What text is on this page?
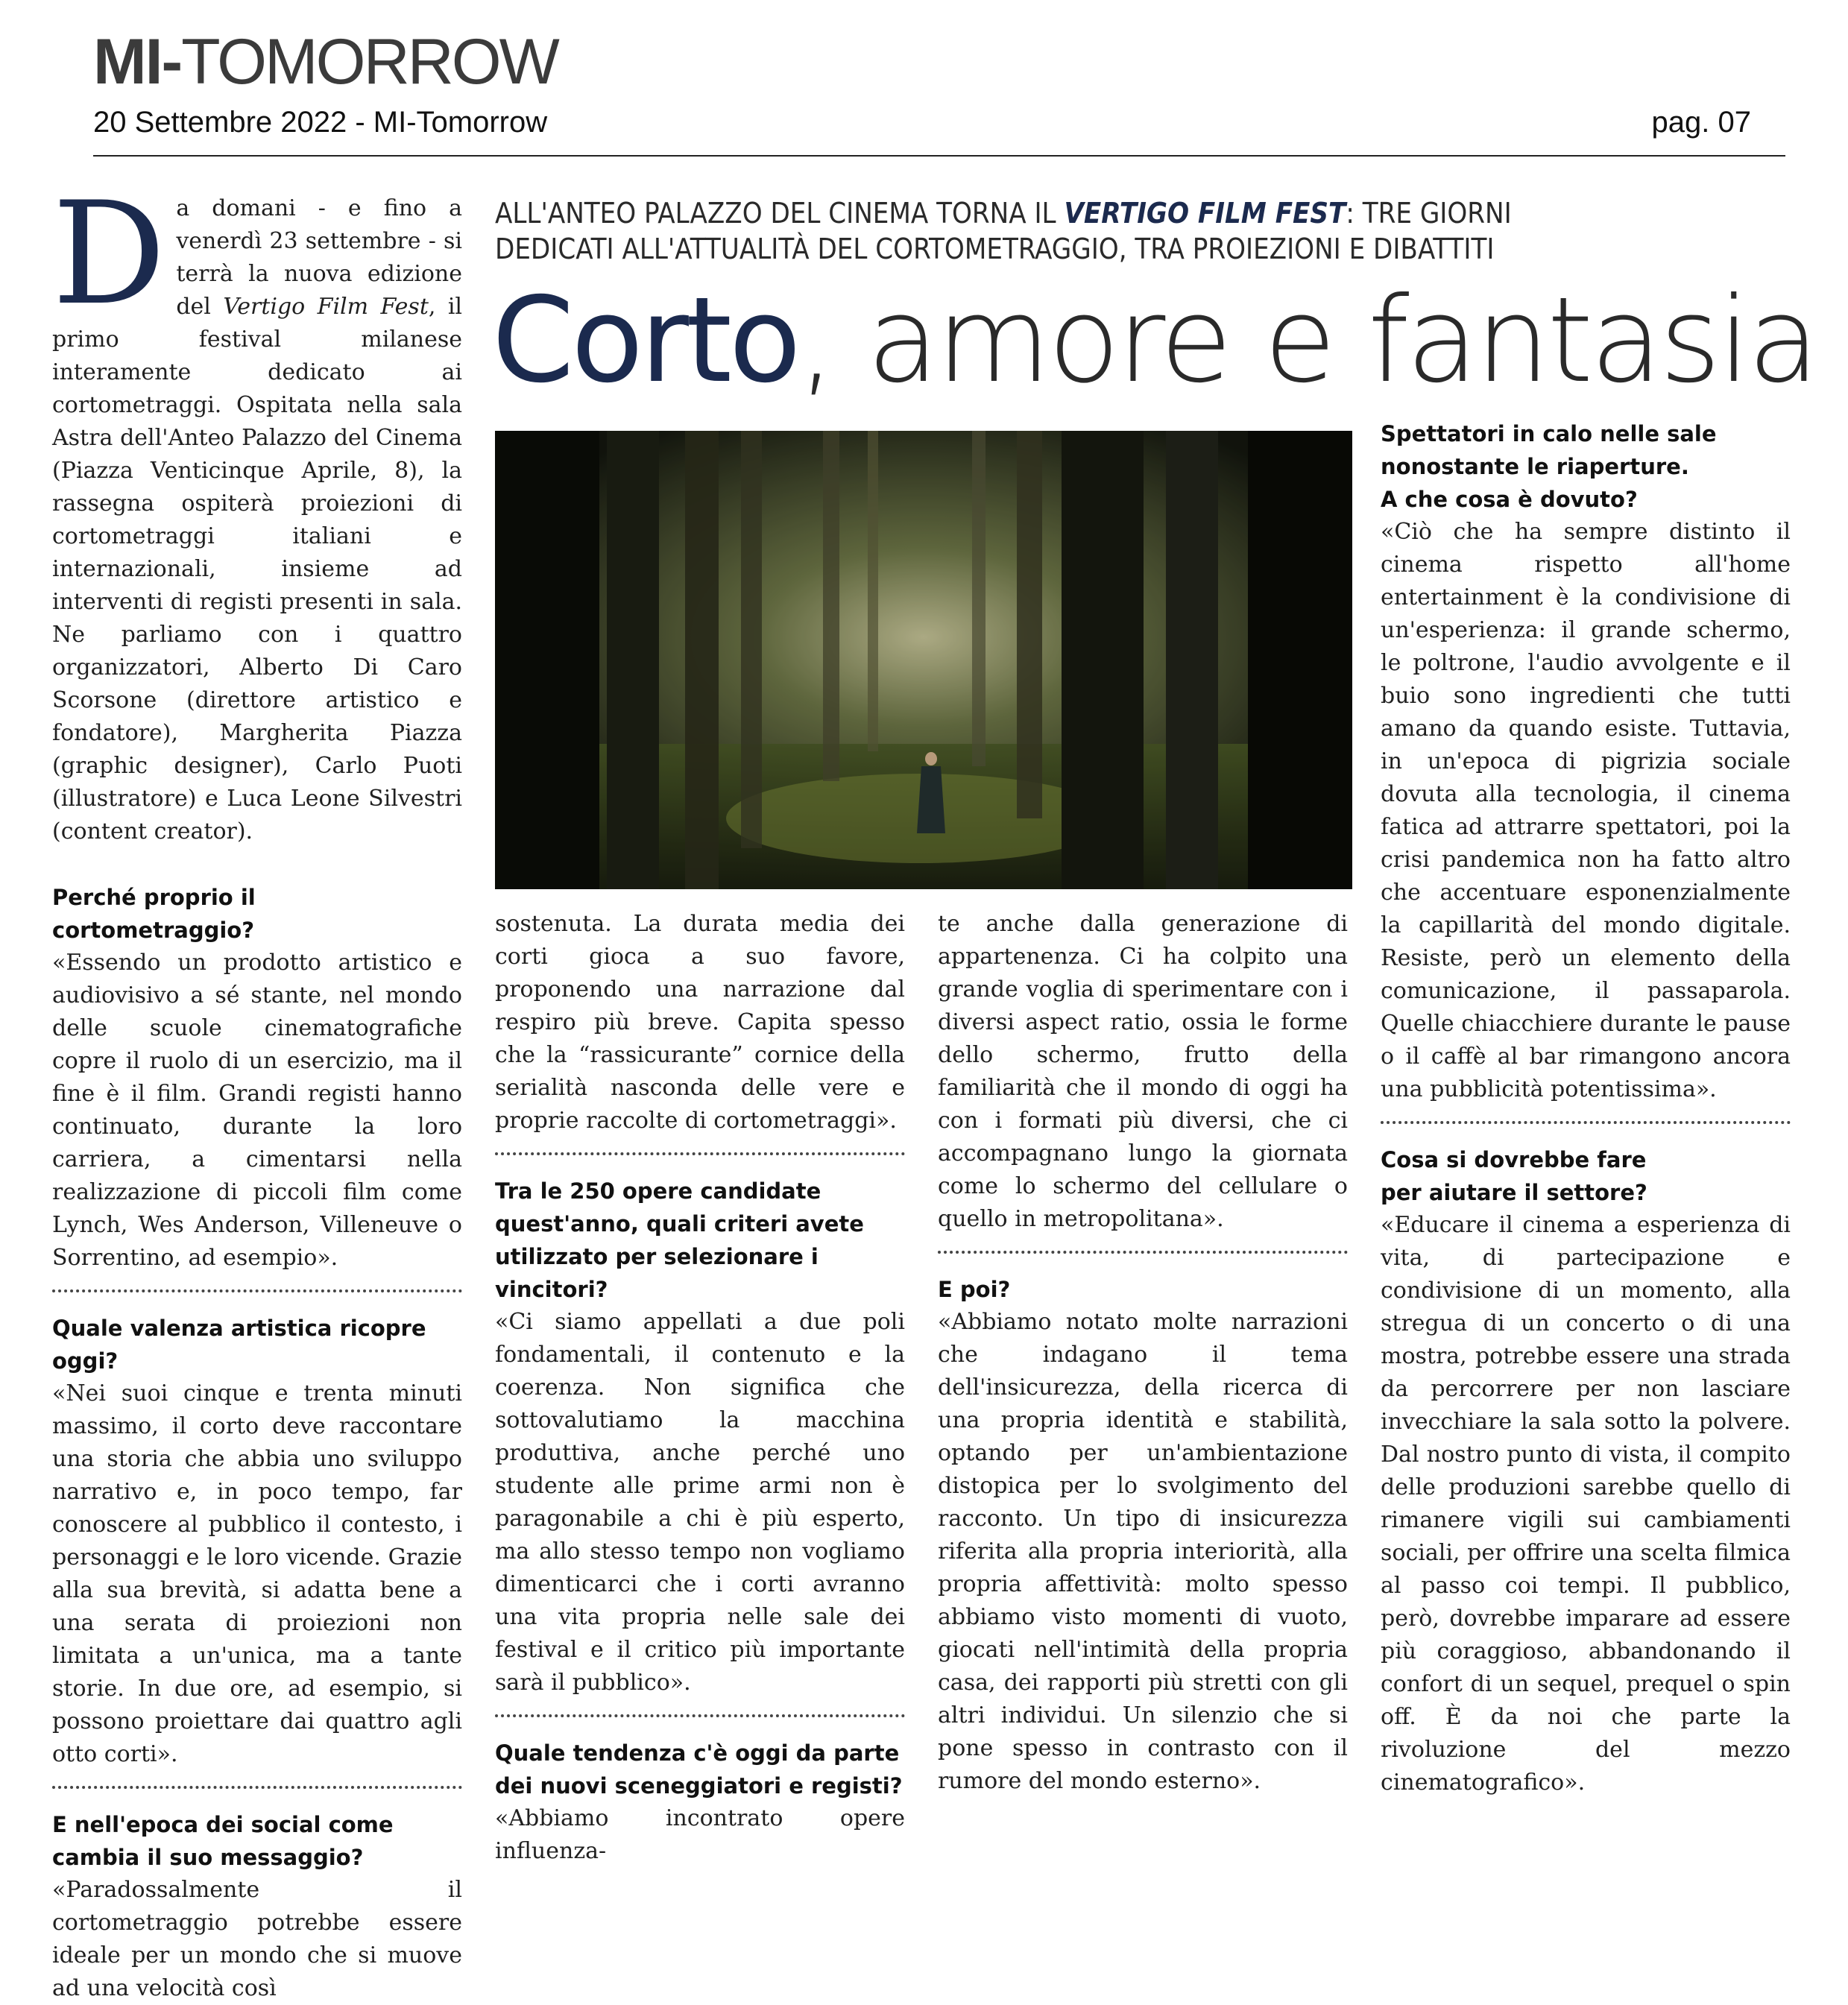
MI-TOMORROW
20 Settembre 2022 - MI-Tomorrow	pag. 07
ALL'ANTEO PALAZZO DEL CINEMA TORNA IL VERTIGO FILM FEST: TRE GIORNI
DEDICATI ALL'ATTUALITÀ DEL CORTOMETRAGGIO, TRA PROIEZIONI E DIBATTITI
Corto, amore e fantasia

Da domani - e fino a venerdì 23 settembre - si terrà la nuova edizione del Vertigo Film Fest, il primo festival milanese interamente dedicato ai cortometraggi. Ospitata nella sala Astra dell'Anteo Palazzo del Cinema (Piazza Venticinque Aprile, 8), la rassegna ospiterà proiezioni di cortometraggi italiani e internazionali, insieme ad interventi di registi presenti in sala. Ne parliamo con i quattro organizzatori, Alberto Di Caro Scorsone (direttore artistico e fondatore), Margherita Piazza (graphic designer), Carlo Puoti (illustratore) e Luca Leone Silvestri (content creator).

Perché proprio il cortometraggio?

«Essendo un prodotto artistico e audiovisivo a sé stante, nel mondo delle scuole cinematografiche copre il ruolo di un esercizio, ma il fine è il film. Grandi registi hanno continuato, durante la loro carriera, a cimentarsi nella realizzazione di piccoli film come Lynch, Wes Anderson, Villeneuve o Sorrentino, ad esempio».

Quale valenza artistica ricopre oggi?

«Nei suoi cinque e trenta minuti massimo, il corto deve raccontare una storia che abbia uno sviluppo narrativo e, in poco tempo, far conoscere al pubblico il contesto, i personaggi e le loro vicende. Grazie alla sua brevità, si adatta bene a una serata di proiezioni non limitata a un'unica, ma a tante storie. In due ore, ad esempio, si possono proiettare dai quattro agli otto corti».

E nell'epoca dei social come
cambia il suo messaggio?

«Paradossalmente il cortometraggio potrebbe essere ideale per un mondo che si muove ad una velocità così

sostenuta. La durata media dei corti gioca a suo favore, proponendo una narrazione dal respiro più breve. Capita spesso che la “rassicurante” cornice della serialità nasconda delle vere e proprie raccolte di cortometraggi».

Tra le 250 opere candidate
quest'anno, quali criteri avete
utilizzato per selezionare i vincitori?

«Ci siamo appellati a due poli fondamentali, il contenuto e la coerenza. Non significa che sottovalutiamo la macchina produttiva, anche perché uno studente alle prime armi non è paragonabile a chi è più esperto, ma allo stesso tempo non vogliamo dimenticarci che i corti avranno una vita propria nelle sale dei festival e il critico più importante sarà il pubblico».

Quale tendenza c'è oggi da parte
dei nuovi sceneggiatori e registi?

«Abbiamo incontrato opere influenza-

te anche dalla generazione di appartenenza. Ci ha colpito una grande voglia di sperimentare con i diversi aspect ratio, ossia le forme dello schermo, frutto della familiarità che il mondo di oggi ha con i formati più diversi, che ci accompagnano lungo la giornata come lo schermo del cellulare o quello in metropolitana».

E poi?

«Abbiamo notato molte narrazioni che indagano il tema dell'insicurezza, della ricerca di una propria identità e stabilità, optando per un'ambientazione distopica per lo svolgimento del racconto. Un tipo di insicurezza riferita alla propria interiorità, alla propria affettività: molto spesso abbiamo visto momenti di vuoto, giocati nell'intimità della propria casa, dei rapporti più stretti con gli altri individui. Un silenzio che si pone spesso in contrasto con il rumore del mondo esterno».

Spettatori in calo nelle sale
nonostante le riaperture.
A che cosa è dovuto?

«Ciò che ha sempre distinto il cinema rispetto all'home entertainment è la condivisione di un'esperienza: il grande schermo, le poltrone, l'audio avvolgente e il buio sono ingredienti che tutti amano da quando esiste. Tuttavia, in un'epoca di pigrizia sociale dovuta alla tecnologia, il cinema fatica ad attrarre spettatori, poi la crisi pandemica non ha fatto altro che accentuare esponenzialmente la capillarità del mondo digitale. Resiste, però un elemento della comunicazione, il passaparola. Quelle chiacchiere durante le pause o il caffè al bar rimangono ancora una pubblicità potentissima».

Cosa si dovrebbe fare
per aiutare il settore?

«Educare il cinema a esperienza di vita, di partecipazione e condivisione di un momento, alla stregua di un concerto o di una mostra, potrebbe essere una strada da percorrere per non lasciare invecchiare la sala sotto la polvere. Dal nostro punto di vista, il compito delle produzioni sarebbe quello di rimanere vigili sui cambiamenti sociali, per offrire una scelta filmica al passo coi tempi. Il pubblico, però, dovrebbe imparare ad essere più coraggioso, abbandonando il confort di un sequel, prequel o spin off. È da noi che parte la rivoluzione del mezzo cinematografico».
